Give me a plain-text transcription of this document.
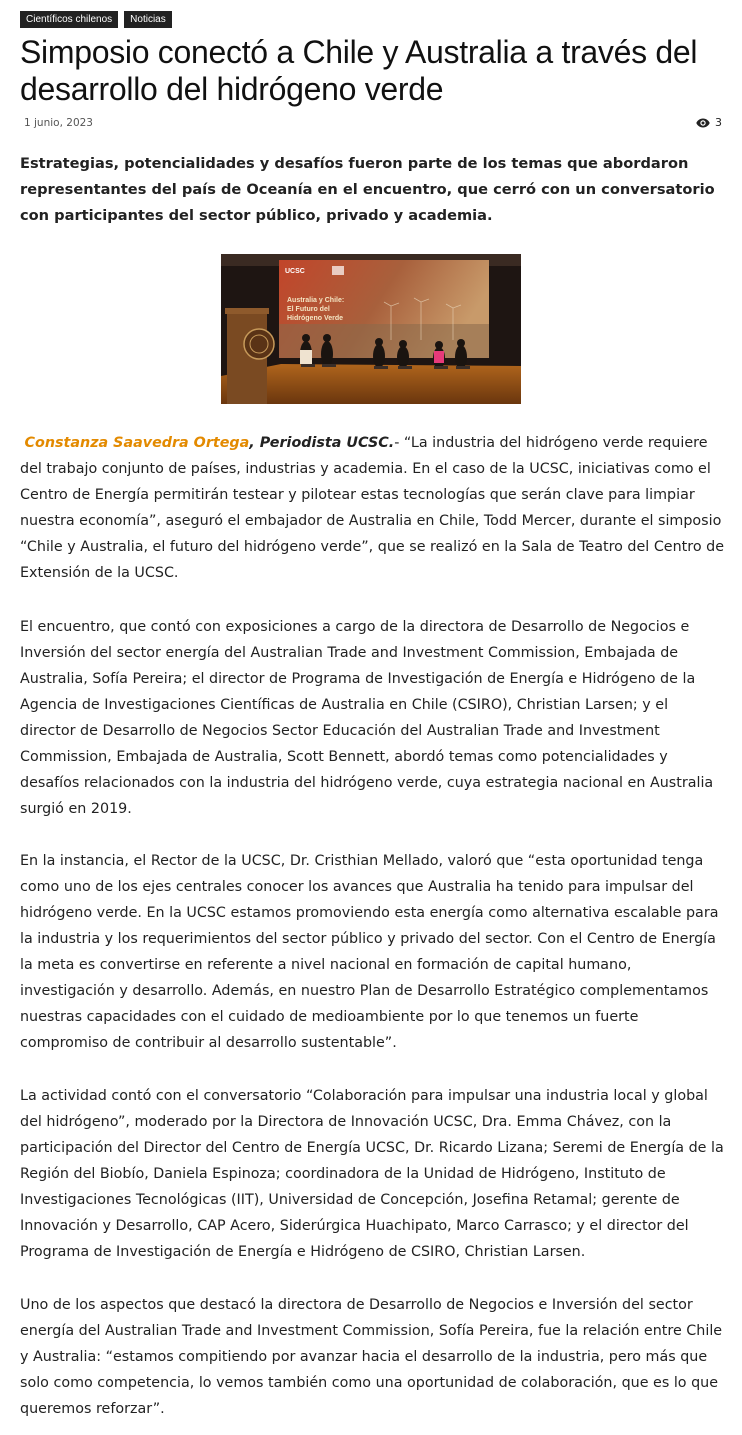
Científicos chilenos	Noticias
Simposio conectó a Chile y Australia a través del desarrollo del hidrógeno verde
1 junio, 2023	3

Estrategias, potencialidades y desafíos fueron parte de los temas que abordaron representantes del país de Oceanía en el encuentro, que cerró con un conversatorio con participantes del sector público, privado y academia.

UCSC
Australia y Chile: El Futuro del Hidrógeno Verde

Constanza Saavedra Ortega, Periodista UCSC.- “La industria del hidrógeno verde requiere del trabajo conjunto de países, industrias y academia. En el caso de la UCSC, iniciativas como el Centro de Energía permitirán testear y pilotear estas tecnologías que serán clave para limpiar nuestra economía”, aseguró el embajador de Australia en Chile, Todd Mercer, durante el simposio “Chile y Australia, el futuro del hidrógeno verde”, que se realizó en la Sala de Teatro del Centro de Extensión de la UCSC.

El encuentro, que contó con exposiciones a cargo de la directora de Desarrollo de Negocios e Inversión del sector energía del Australian Trade and Investment Commission, Embajada de Australia, Sofía Pereira; el director de Programa de Investigación de Energía e Hidrógeno de la Agencia de Investigaciones Científicas de Australia en Chile (CSIRO), Christian Larsen; y el director de Desarrollo de Negocios Sector Educación del Australian Trade and Investment Commission, Embajada de Australia, Scott Bennett, abordó temas como potencialidades y desafíos relacionados con la industria del hidrógeno verde, cuya estrategia nacional en Australia surgió en 2019.

En la instancia, el Rector de la UCSC, Dr. Cristhian Mellado, valoró que “esta oportunidad tenga como uno de los ejes centrales conocer los avances que Australia ha tenido para impulsar del hidrógeno verde. En la UCSC estamos promoviendo esta energía como alternativa escalable para la industria y los requerimientos del sector público y privado del sector. Con el Centro de Energía la meta es convertirse en referente a nivel nacional en formación de capital humano, investigación y desarrollo. Además, en nuestro Plan de Desarrollo Estratégico complementamos nuestras capacidades con el cuidado de medioambiente por lo que tenemos un fuerte compromiso de contribuir al desarrollo sustentable”.

La actividad contó con el conversatorio “Colaboración para impulsar una industria local y global del hidrógeno”, moderado por la Directora de Innovación UCSC, Dra. Emma Chávez, con la participación del Director del Centro de Energía UCSC, Dr. Ricardo Lizana; Seremi de Energía de la Región del Biobío, Daniela Espinoza; coordinadora de la Unidad de Hidrógeno, Instituto de Investigaciones Tecnológicas (IIT), Universidad de Concepción, Josefina Retamal; gerente de Innovación y Desarrollo, CAP Acero, Siderúrgica Huachipato, Marco Carrasco; y el director del Programa de Investigación de Energía e Hidrógeno de CSIRO, Christian Larsen.

Uno de los aspectos que destacó la directora de Desarrollo de Negocios e Inversión del sector energía del Australian Trade and Investment Commission, Sofía Pereira, fue la relación entre Chile y Australia: “estamos compitiendo por avanzar hacia el desarrollo de la industria, pero más que solo como competencia, lo vemos también como una oportunidad de colaboración, que es lo que queremos reforzar”.
